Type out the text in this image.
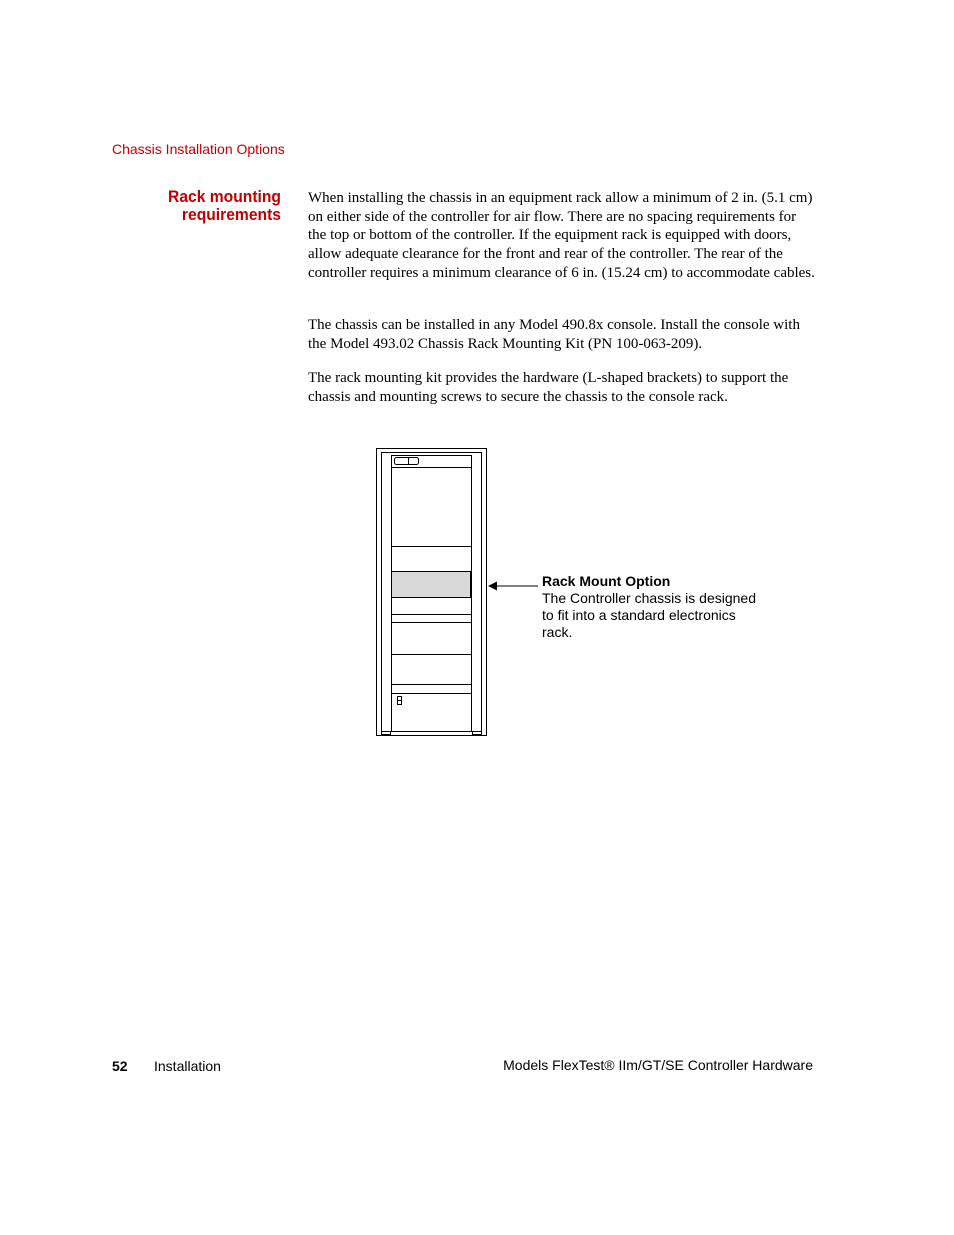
Chassis Installation Options
Rack mounting
requirements

When installing the chassis in an equipment rack allow a minimum of 2 in. (5.1 cm) on either side of the controller for air flow. There are no spacing requirements for the top or bottom of the controller. If the equipment rack is equipped with doors, allow adequate clearance for the front and rear of the controller. The rear of the controller requires a minimum clearance of 6 in. (15.24 cm) to accommodate cables.

The chassis can be installed in any Model 490.8x console. Install the console with the Model 493.02 Chassis Rack Mounting Kit (PN 100-063-209).

The rack mounting kit provides the hardware (L-shaped brackets) to support the chassis and mounting screws to secure the chassis to the console rack.

Rack Mount Option
The Controller chassis is designed to fit into a standard electronics rack.
52 Installation	Models FlexTest® IIm/GT/SE Controller Hardware
